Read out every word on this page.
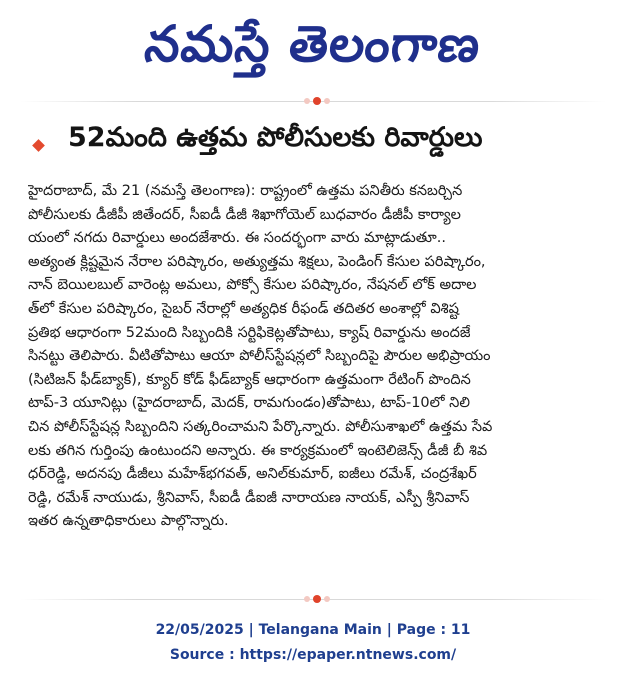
నమస్తే తెలంగాణ
52మంది ఉత్తమ పోలీసులకు రివార్డులు
హైదరాబాద్, మే 21 (నమస్తే తెలంగాణ): రాష్ట్రంలో ఉత్తమ పనితీరు కనబర్చిన
పోలీసులకు డీజీపీ జితేందర్, సీఐడీ డీజీ శిఖాగోయెల్ బుధవారం డీజీపీ కార్యాల
యంలో నగదు రివార్డులు అందజేశారు. ఈ సందర్భంగా వారు మాట్లాడుతూ..
అత్యంత క్లిష్టమైన నేరాల పరిష్కారం, అత్యుత్తమ శిక్షలు, పెండింగ్ కేసుల పరిష్కారం,
నాన్ బెయిలబుల్ వారెంట్ల అమలు, పోక్సో కేసుల పరిష్కారం, నేషనల్ లోక్ అదాల
త్‌లో కేసుల పరిష్కారం, సైబర్ నేరాల్లో అత్యధిక రీఫండ్ తదితర అంశాల్లో విశిష్ట
ప్రతిభ ఆధారంగా 52మంది సిబ్బందికి సర్టిఫికెట్లతోపాటు, క్యాష్ రివార్డును అందజే
సినట్టు తెలిపారు. వీటితోపాటు ఆయా పోలీస్‌స్టేషన్లలో సిబ్బందిపై పౌరుల అభిప్రాయం
(సిటిజన్ ఫీడ్‌బ్యాక్), క్యూర్ కోడ్ ఫీడ్‌బ్యాక్ ఆధారంగా ఉత్తమంగా రేటింగ్ పొందిన
టాప్-3 యూనిట్లు (హైదరాబాద్, మెదక్, రామగుండం)తోపాటు, టాప్-10లో నిలి
చిన పోలీస్‌స్టేషన్ల సిబ్బందిని సత్కరించామని పేర్కొన్నారు. పోలీసుశాఖలో ఉత్తమ సేవ
లకు తగిన గుర్తింపు ఉంటుందని అన్నారు. ఈ కార్యక్రమంలో ఇంటెలిజెన్స్ డీజీ బీ శివ
ధర్‌రెడ్డి, అదనపు డీజీలు మహేశ్‌భగవత్, అనిల్‌కుమార్, ఐజీలు రమేశ్, చంద్రశేఖర్
రెడ్డి, రమేశ్ నాయుడు, శ్రీనివాస్, సీఐడీ డీఐజీ నారాయణ నాయక్, ఎస్పీ శ్రీనివాస్
ఇతర ఉన్నతాధికారులు పాల్గొన్నారు.
22/05/2025 | Telangana Main | Page : 11
Source : https://epaper.ntnews.com/
